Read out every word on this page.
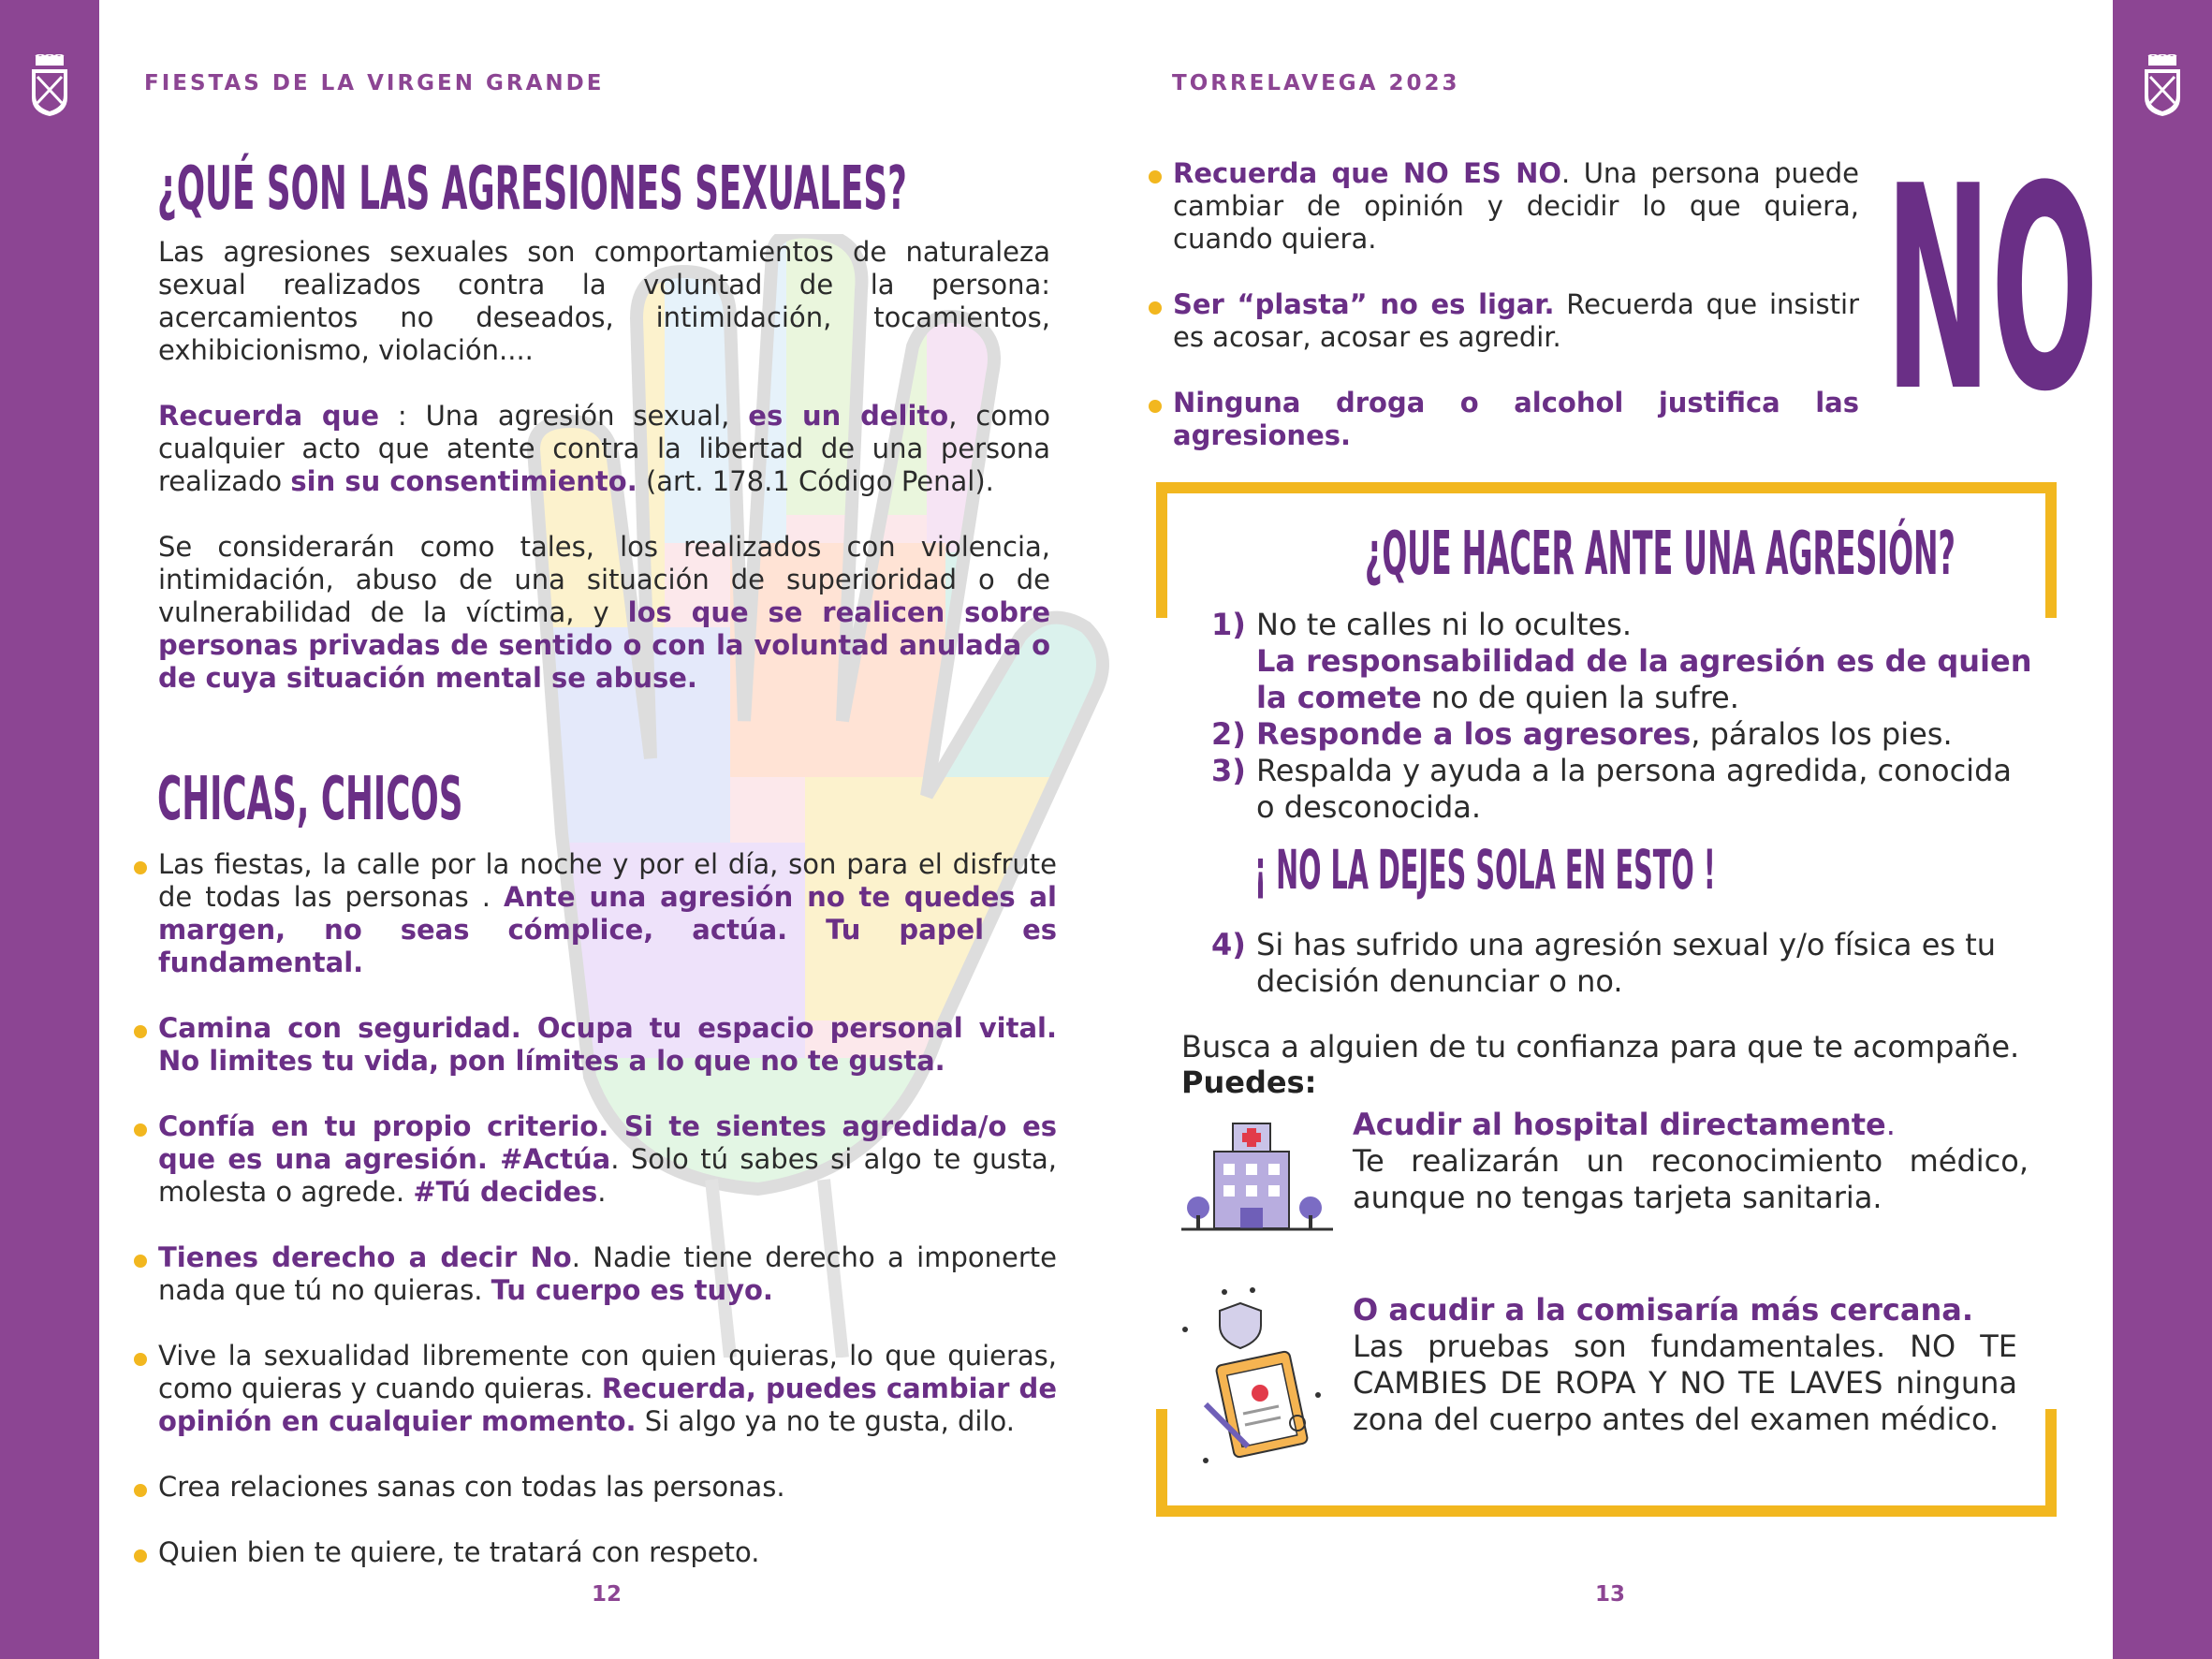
FIESTAS DE LA VIRGEN GRANDE	TORRELAVEGA 2023
¿QUÉ SON LAS AGRESIONES SEXUALES?

Las agresiones sexuales son comportamientos de naturaleza sexual realizados contra la voluntad de la persona: acercamientos no deseados, intimidación, tocamientos, exhibicionismo, violación....

Recuerda que : Una agresión sexual, es un delito, como cualquier acto que atente contra la libertad de una persona realizado sin su consentimiento. (art. 178.1 Código Penal).

Se considerarán como tales, los realizados con violencia, intimidación, abuso de una situación de superioridad o de vulnerabilidad de la víctima, y los que se realicen sobre personas privadas de sentido o con la voluntad anulada o de cuya situación mental se abuse.

CHICAS, CHICOS
Las fiestas, la calle por la noche y por el día, son para el disfrute de todas las personas . Ante una agresión no te quedes al margen, no seas cómplice, actúa. Tu papel es fundamental.
Camina con seguridad. Ocupa tu espacio personal vital. No limites tu vida, pon límites a lo que no te gusta.
Confía en tu propio criterio. Si te sientes agredida/o es que es una agresión. #Actúa. Solo tú sabes si algo te gusta, molesta o agrede. #Tú decides.
Tienes derecho a decir No. Nadie tiene derecho a imponerte nada que tú no quieras. Tu cuerpo es tuyo.
Vive la sexualidad libremente con quien quieras, lo que quieras, como quieras y cuando quieras. Recuerda, puedes cambiar de opinión en cualquier momento. Si algo ya no te gusta, dilo.
Crea relaciones sanas con todas las personas.
Quien bien te quiere, te tratará con respeto.
12
Recuerda que NO ES NO. Una persona puede cambiar de opinión y decidir lo que quiera, cuando quiera.
Ser “plasta” no es ligar. Recuerda que insistir es acosar, acosar es agredir.
Ninguna droga o alcohol justifica las agresiones.	NO
¿QUE HACER ANTE UNA AGRESIÓN?
1) No te calles ni lo ocultes.
La responsabilidad de la agresión es de quien la comete no de quien la sufre.
2) Responde a los agresores, páralos los pies.
3) Respalda y ayuda a la persona agredida, conocida o desconocida.
¡ NO LA DEJES SOLA EN ESTO !
4) Si has sufrido una agresión sexual y/o física es tu decisión denunciar o no.
Busca a alguien de tu confianza para que te acompañe.
Puedes:
Acudir al hospital directamente.
Te realizarán un reconocimiento médico, aunque no tengas tarjeta sanitaria.
O acudir a la comisaría más cercana.
Las pruebas son fundamentales. NO TE CAMBIES DE ROPA Y NO TE LAVES ninguna zona del cuerpo antes del examen médico.
13
